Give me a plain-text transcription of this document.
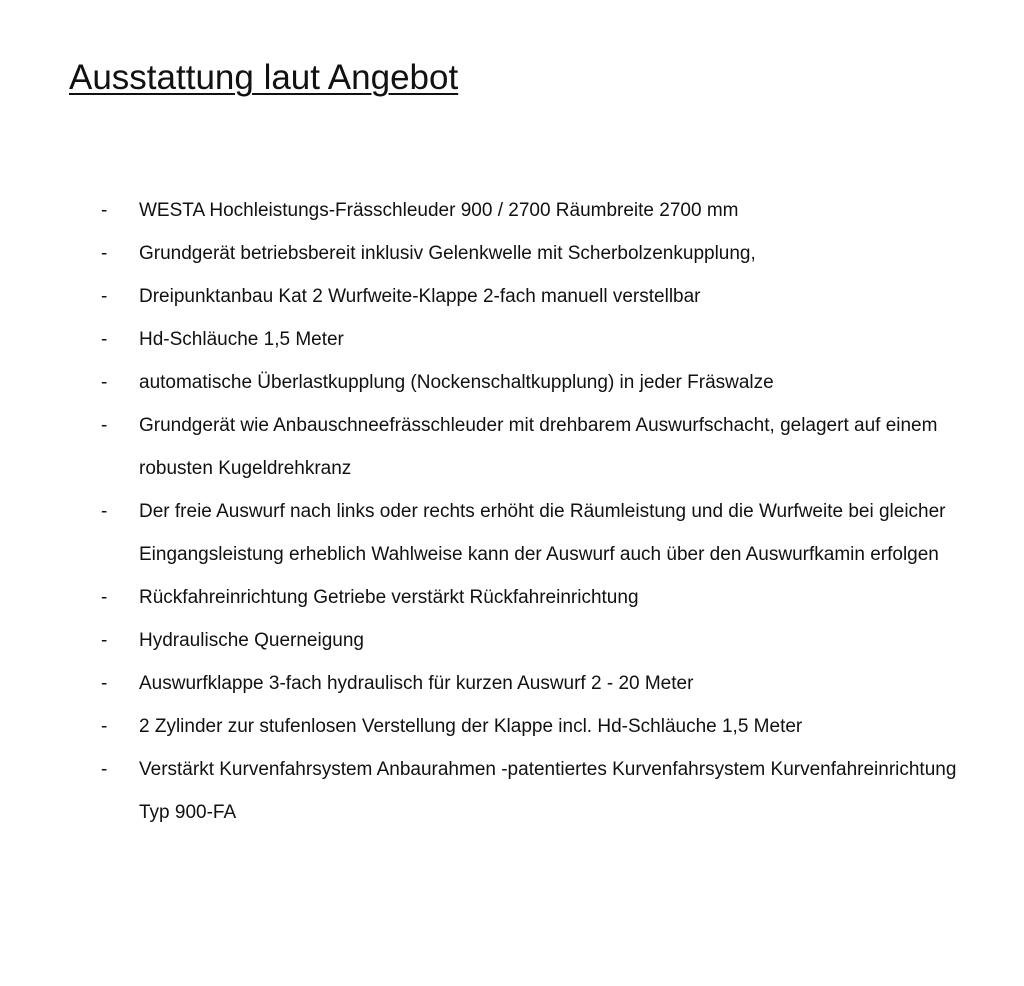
Ausstattung laut Angebot
- WESTA Hochleistungs-Frässchleuder 900 / 2700 Räumbreite 2700 mm
- Grundgerät betriebsbereit inklusiv Gelenkwelle mit Scherbolzenkupplung,
- Dreipunktanbau Kat 2 Wurfweite-Klappe 2-fach manuell verstellbar
- Hd-Schläuche 1,5 Meter
- automatische Überlastkupplung (Nockenschaltkupplung) in jeder Fräswalze
- Grundgerät wie Anbauschneefrässchleuder mit drehbarem Auswurfschacht, gelagert auf einem robusten Kugeldrehkranz
- Der freie Auswurf nach links oder rechts erhöht die Räumleistung und die Wurfweite bei gleicher Eingangsleistung erheblich Wahlweise kann der Auswurf auch über den Auswurfkamin erfolgen
- Rückfahreinrichtung Getriebe verstärkt Rückfahreinrichtung
- Hydraulische Querneigung
- Auswurfklappe 3-fach hydraulisch für kurzen Auswurf 2 - 20 Meter
- 2 Zylinder zur stufenlosen Verstellung der Klappe incl. Hd-Schläuche 1,5 Meter
- Verstärkt Kurvenfahrsystem Anbaurahmen -patentiertes Kurvenfahrsystem Kurvenfahreinrichtung Typ 900-FA
